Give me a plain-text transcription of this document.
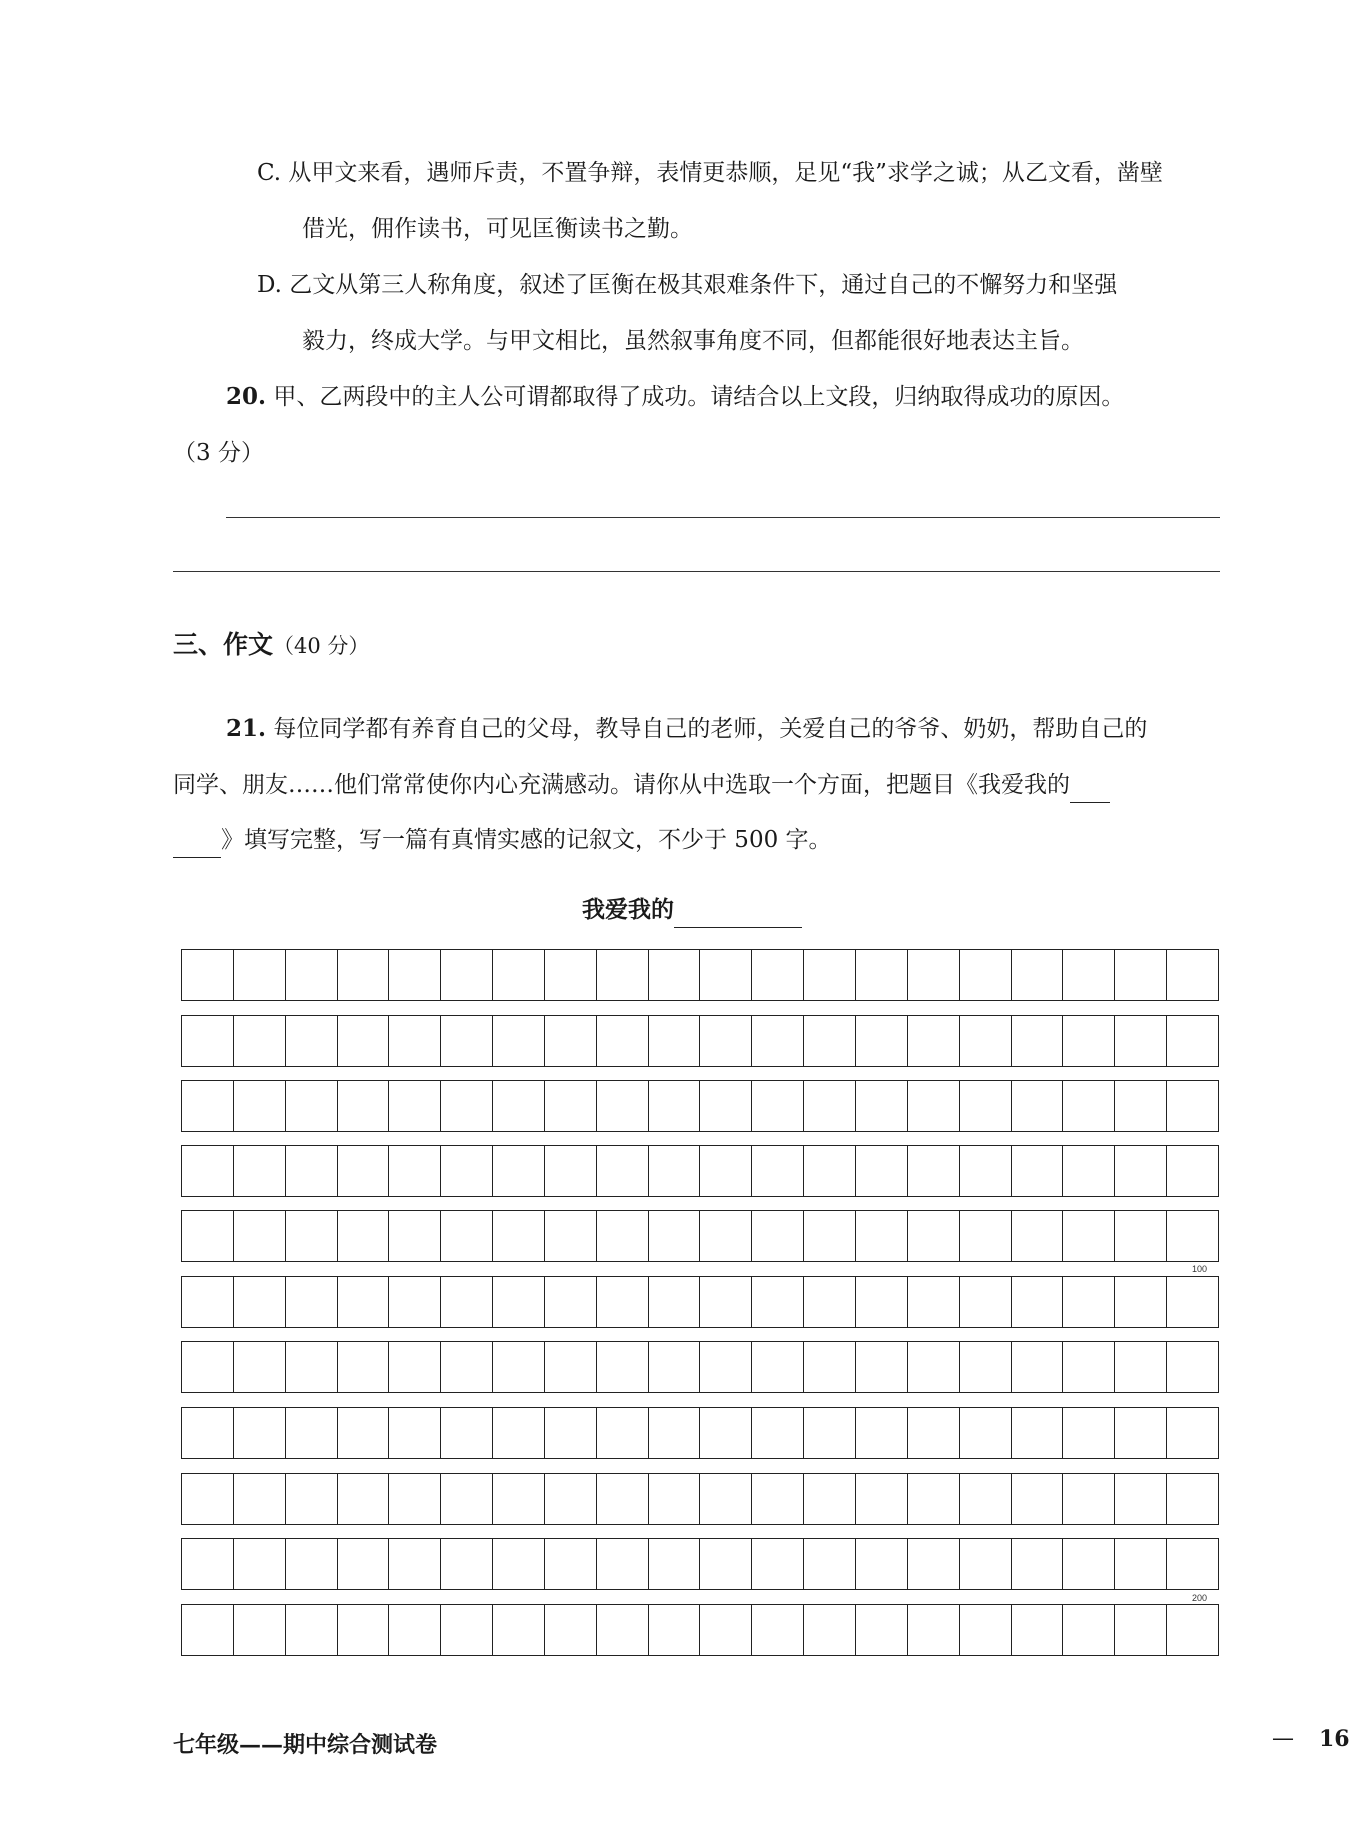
C. 从甲文来看，遇师斥责，不置争辩，表情更恭顺，足见“我”求学之诚；从乙文看，凿壁
借光，佣作读书，可见匡衡读书之勤。
D. 乙文从第三人称角度，叙述了匡衡在极其艰难条件下，通过自己的不懈努力和坚强
毅力，终成大学。与甲文相比，虽然叙事角度不同，但都能很好地表达主旨。
20. 甲、乙两段中的主人公可谓都取得了成功。请结合以上文段，归纳取得成功的原因。
（3 分）
三、作文（40 分）
21. 每位同学都有养育自己的父母，教导自己的老师，关爱自己的爷爷、奶奶，帮助自己的
同学、朋友……他们常常使你内心充满感动。请你从中选取一个方面，把题目《我爱我的
》填写完整，写一篇有真情实感的记叙文，不少于 500 字。
我爱我的
100
200
七年级——期中综合测试卷	— 16
